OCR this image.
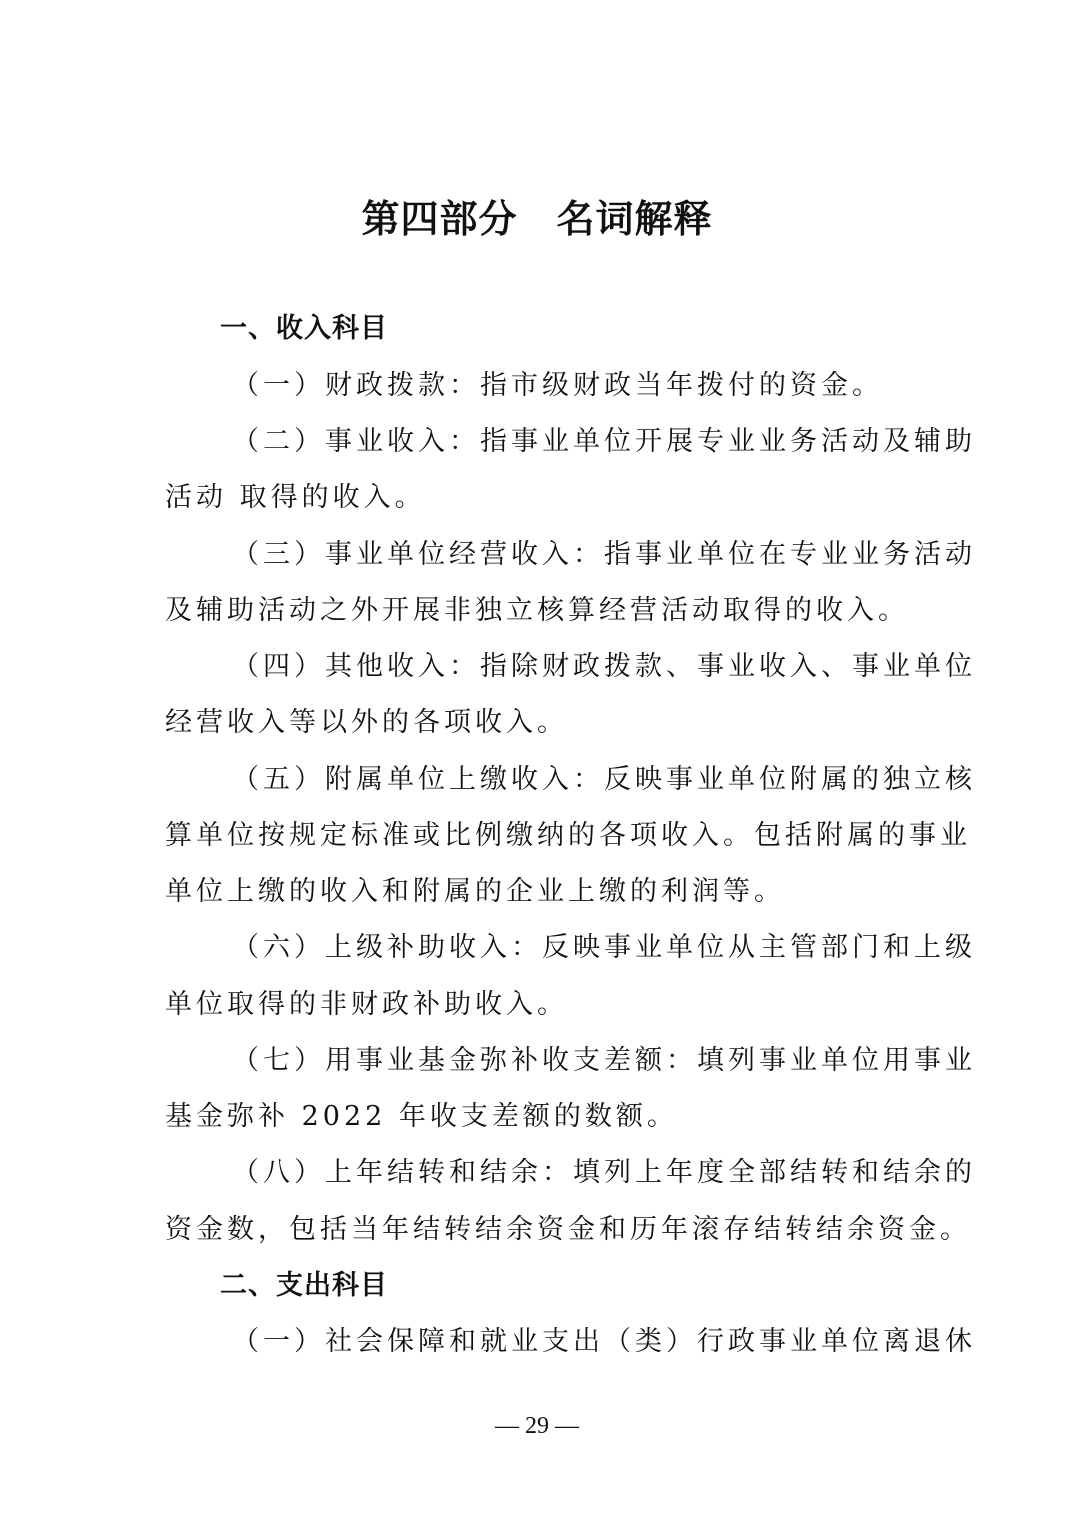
第四部分　名词解释
一、收入科目

（一）财政拨款：指市级财政当年拨付的资金。

（二）事业收入：指事业单位开展专业业务活动及辅助

活动 取得的收入。

（三）事业单位经营收入：指事业单位在专业业务活动

及辅助活动之外开展非独立核算经营活动取得的收入。

（四）其他收入：指除财政拨款、事业收入、事业单位

经营收入等以外的各项收入。

（五）附属单位上缴收入：反映事业单位附属的独立核

算单位按规定标准或比例缴纳的各项收入。包括附属的事业

单位上缴的收入和附属的企业上缴的利润等。

（六）上级补助收入：反映事业单位从主管部门和上级

单位取得的非财政补助收入。

（七）用事业基金弥补收支差额：填列事业单位用事业

基金弥补 2022 年收支差额的数额。

（八）上年结转和结余：填列上年度全部结转和结余的

资金数，包括当年结转结余资金和历年滚存结转结余资金。

二、支出科目

（一）社会保障和就业支出（类）行政事业单位离退休

— 29 —
